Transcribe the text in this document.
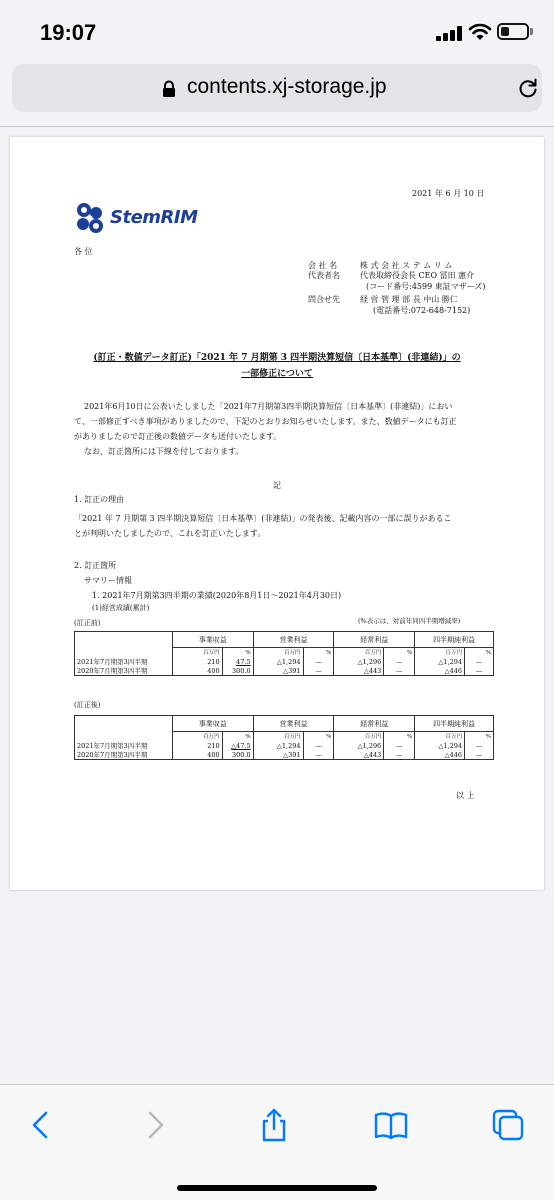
19:07
contents.xj-storage.jp
2021 年 6 月 10 日
StemRIM
各 位
会 社 名	株 式 会 社 ス テ ム リ ム
代表者名	代表取締役会長 CEO 冨田 憲介
(コード番号:4599 東証マザーズ)
問合せ先	経 営 管 理 部 長 中山 勝仁
(電話番号:072-648-7152)
(訂正・数値データ訂正)「2021 年 7 月期第 3 四半期決算短信〔日本基準〕(非連結)」の
一部修正について
2021年6月10日に公表いたしました「2021年7月期第3四半期決算短信〔日本基準〕(非連結)」におい
て、一部修正すべき事項がありましたので、下記のとおりお知らせいたします。また、数値データにも訂正
がありましたので訂正後の数値データも送付いたします。
なお、訂正箇所には下線を付しております。
記
1. 訂正の理由
「2021 年 7 月期第 3 四半期決算短信〔日本基準〕(非連結)」の発表後、記載内容の一部に誤りがあるこ
とが判明いたしましたので、これを訂正いたします。
2. 訂正箇所
サマリー情報
1. 2021年7月期第3四半期の業績(2020年8月1日～2021年4月30日)
(1)経営成績(累計)
(訂正前)	(%表示は、対前年同四半期増減率)
	事業収益		営業利益		経常利益		四半期純利益	
	百万円	%	百万円	%	百万円	%	百万円	%
2021年7月期第3四半期	210	47.5	△1,294	—	△1,296	—	△1,294	—
2020年7月期第3四半期	400	300.0	△391	—	△443	—	△446	—
(訂正後)
	事業収益		営業利益		経常利益		四半期純利益	
	百万円	%	百万円	%	百万円	%	百万円	%
2021年7月期第3四半期	210	△47.5	△1,294	—	△1,296	—	△1,294	—
2020年7月期第3四半期	400	300.0	△391	—	△443	—	△446	—
以 上
